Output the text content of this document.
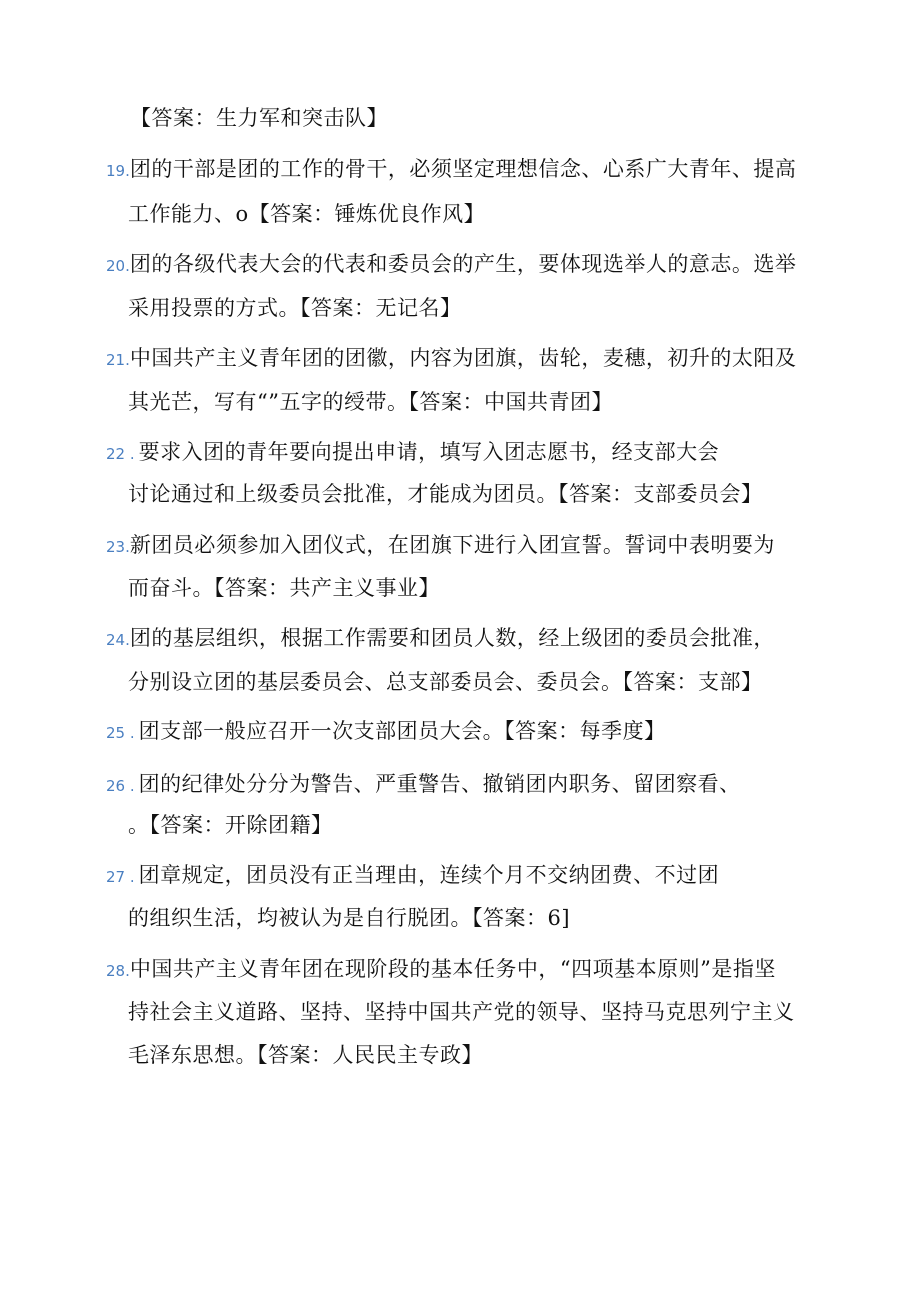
【答案：生力军和突击队】
19.团的干部是团的工作的骨干，必须坚定理想信念、心系广大青年、提高
工作能力、o【答案：锤炼优良作风】
20.团的各级代表大会的代表和委员会的产生，要体现选举人的意志。选举
采用投票的方式。【答案：无记名】
21.中国共产主义青年团的团徽，内容为团旗，齿轮，麦穗，初升的太阳及
其光芒，写有“”五字的绶带。【答案：中国共青团】
22 . 要求入团的青年要向提出申请，填写入团志愿书，经支部大会
讨论通过和上级委员会批准，才能成为团员。【答案：支部委员会】
23.新团员必须参加入团仪式，在团旗下进行入团宣誓。誓词中表明要为
而奋斗。【答案：共产主义事业】
24.团的基层组织，根据工作需要和团员人数，经上级团的委员会批准，
分别设立团的基层委员会、总支部委员会、委员会。【答案：支部】
25 . 团支部一般应召开一次支部团员大会。【答案：每季度】
26 . 团的纪律处分分为警告、严重警告、撤销团内职务、留团察看、
。【答案：开除团籍】
27 . 团章规定，团员没有正当理由，连续个月不交纳团费、不过团
的组织生活，均被认为是自行脱团。【答案：6]
28.中国共产主义青年团在现阶段的基本任务中，“四项基本原则”是指坚
持社会主义道路、坚持、坚持中国共产党的领导、坚持马克思列宁主义
毛泽东思想。【答案：人民民主专政】
